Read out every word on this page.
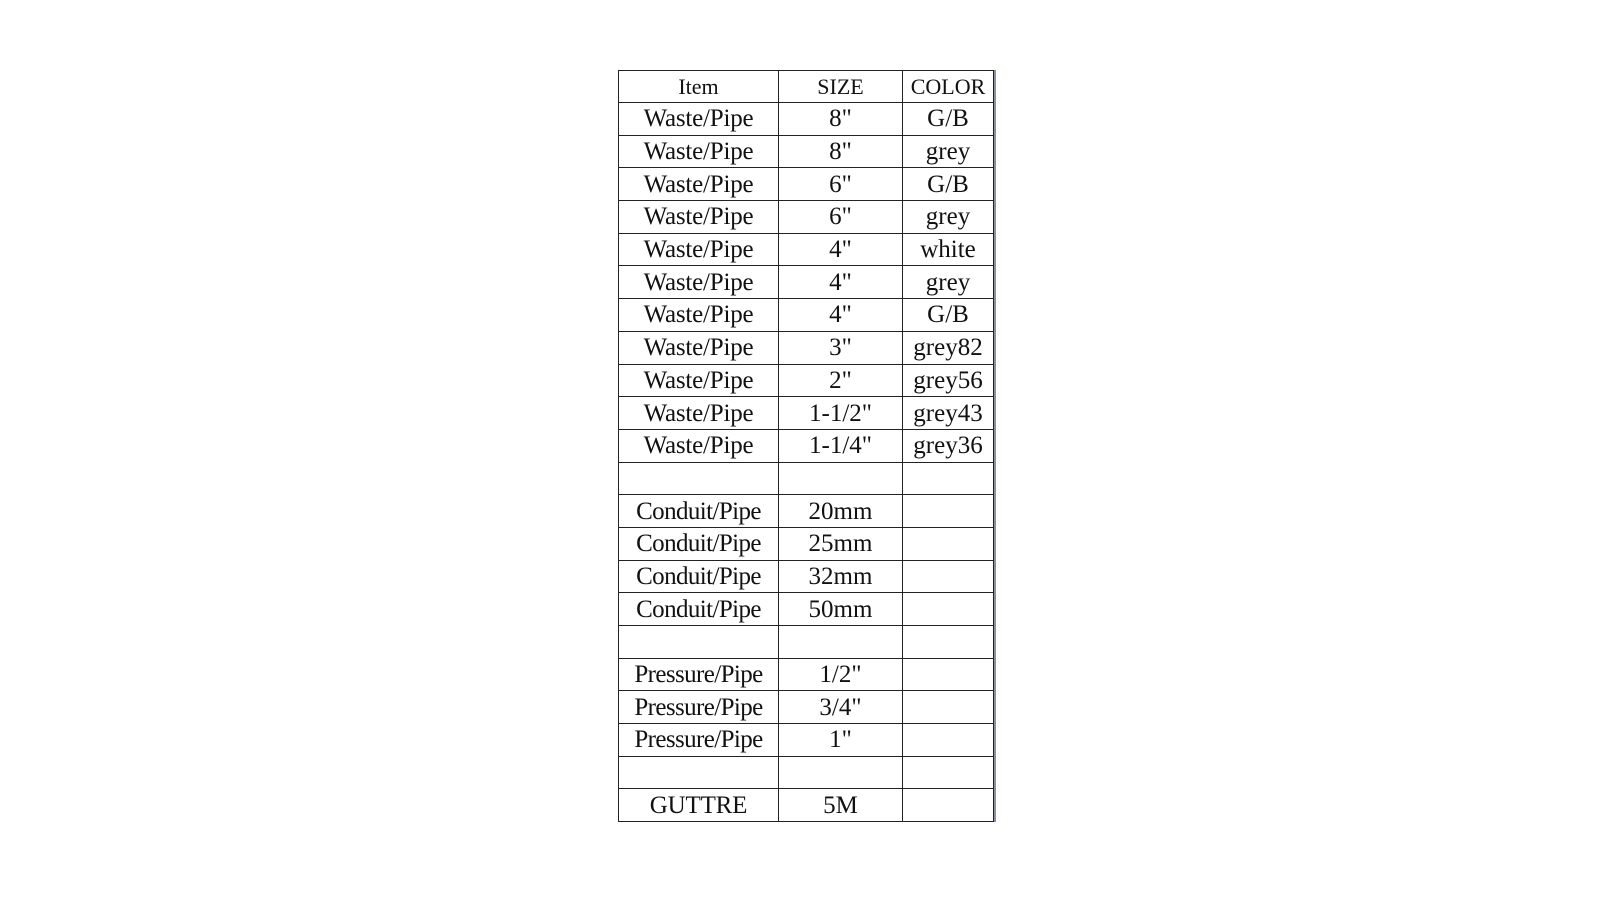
Item	SIZE	COLOR
Waste/Pipe	8"	G/B
Waste/Pipe	8"	grey
Waste/Pipe	6"	G/B
Waste/Pipe	6"	grey
Waste/Pipe	4"	white
Waste/Pipe	4"	grey
Waste/Pipe	4"	G/B
Waste/Pipe	3"	grey82
Waste/Pipe	2"	grey56
Waste/Pipe	1-1/2"	grey43
Waste/Pipe	1-1/4"	grey36

Conduit/Pipe	20mm	
Conduit/Pipe	25mm	
Conduit/Pipe	32mm	
Conduit/Pipe	50mm	

Pressure/Pipe	1/2"	
Pressure/Pipe	3/4"	
Pressure/Pipe	1"	

GUTTRE	5M	
